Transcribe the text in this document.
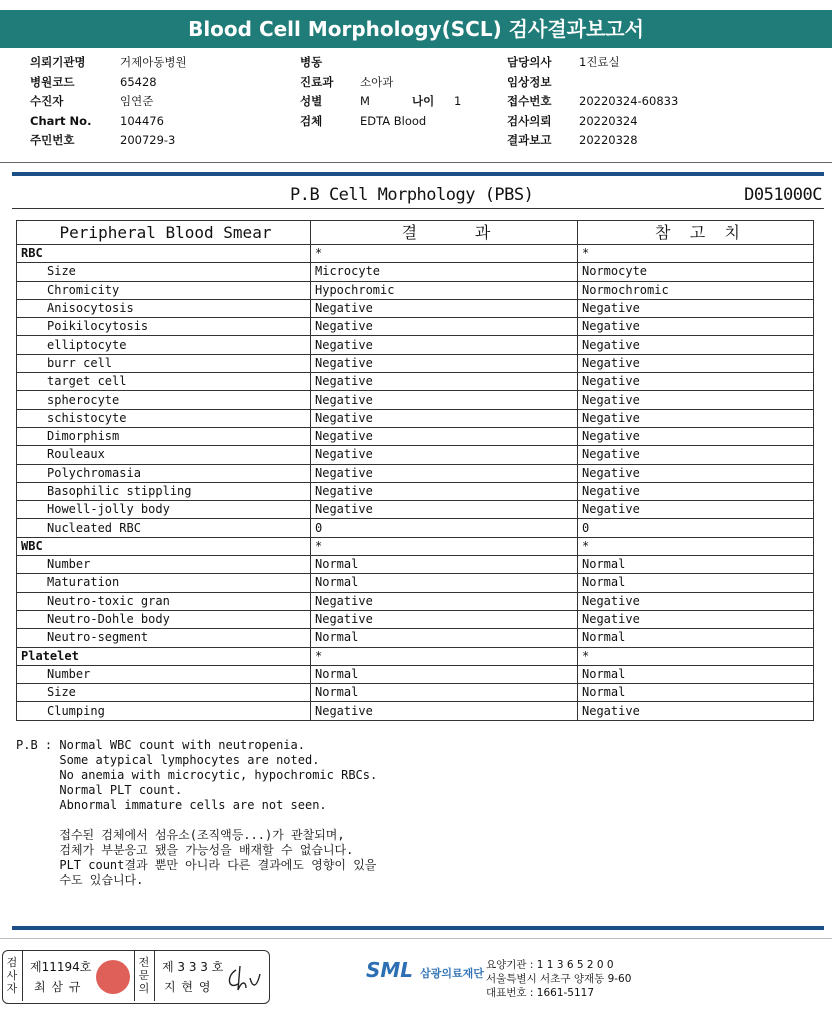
Blood Cell Morphology(SCL) 검사결과보고서
의뢰기관명	거제아동병원
병원코드	65428
수진자	임연준
Chart No.	104476
주민번호	200729-3
병동
진료과	소아과
성별	M	나이	1
검체	EDTA Blood
담당의사	1진료실
임상정보
접수번호	20220324-60833
검사의뢰	20220324
결과보고	20220328
P.B Cell Morphology (PBS)	D051000C
Peripheral Blood Smear	결      과	참  고  치
RBC	*	*
Size	Microcyte	Normocyte
Chromicity	Hypochromic	Normochromic
Anisocytosis	Negative	Negative
Poikilocytosis	Negative	Negative
elliptocyte	Negative	Negative
burr cell	Negative	Negative
target cell	Negative	Negative
spherocyte	Negative	Negative
schistocyte	Negative	Negative
Dimorphism	Negative	Negative
Rouleaux	Negative	Negative
Polychromasia	Negative	Negative
Basophilic stippling	Negative	Negative
Howell-jolly body	Negative	Negative
Nucleated RBC	0	0
WBC	*	*
Number	Normal	Normal
Maturation	Normal	Normal
Neutro-toxic gran	Negative	Negative
Neutro-Dohle body	Negative	Negative
Neutro-segment	Normal	Normal
Platelet	*	*
Number	Normal	Normal
Size	Normal	Normal
Clumping	Negative	Negative
P.B : Normal WBC count with neutropenia.
Some atypical lymphocytes are noted.
No anemia with microcytic, hypochromic RBCs.
Normal PLT count.
Abnormal immature cells are not seen.
접수된 검체에서 섬유소(조직액등...)가 관찰되며,
검체가 부분응고 됐을 가능성을 배재할 수 없습니다.
PLT count결과 뿐만 아니라 다른 결과에도 영향이 있을
수도 있습니다.
검사자
제11194호
최 삼 규
전문의
제 3 3 3 호
지 현 영
SML 삼광의료재단
요양기관 : 1 1 3 6 5 2 0 0
서울특별시 서초구 양재동 9-60
대표번호 : 1661-5117
